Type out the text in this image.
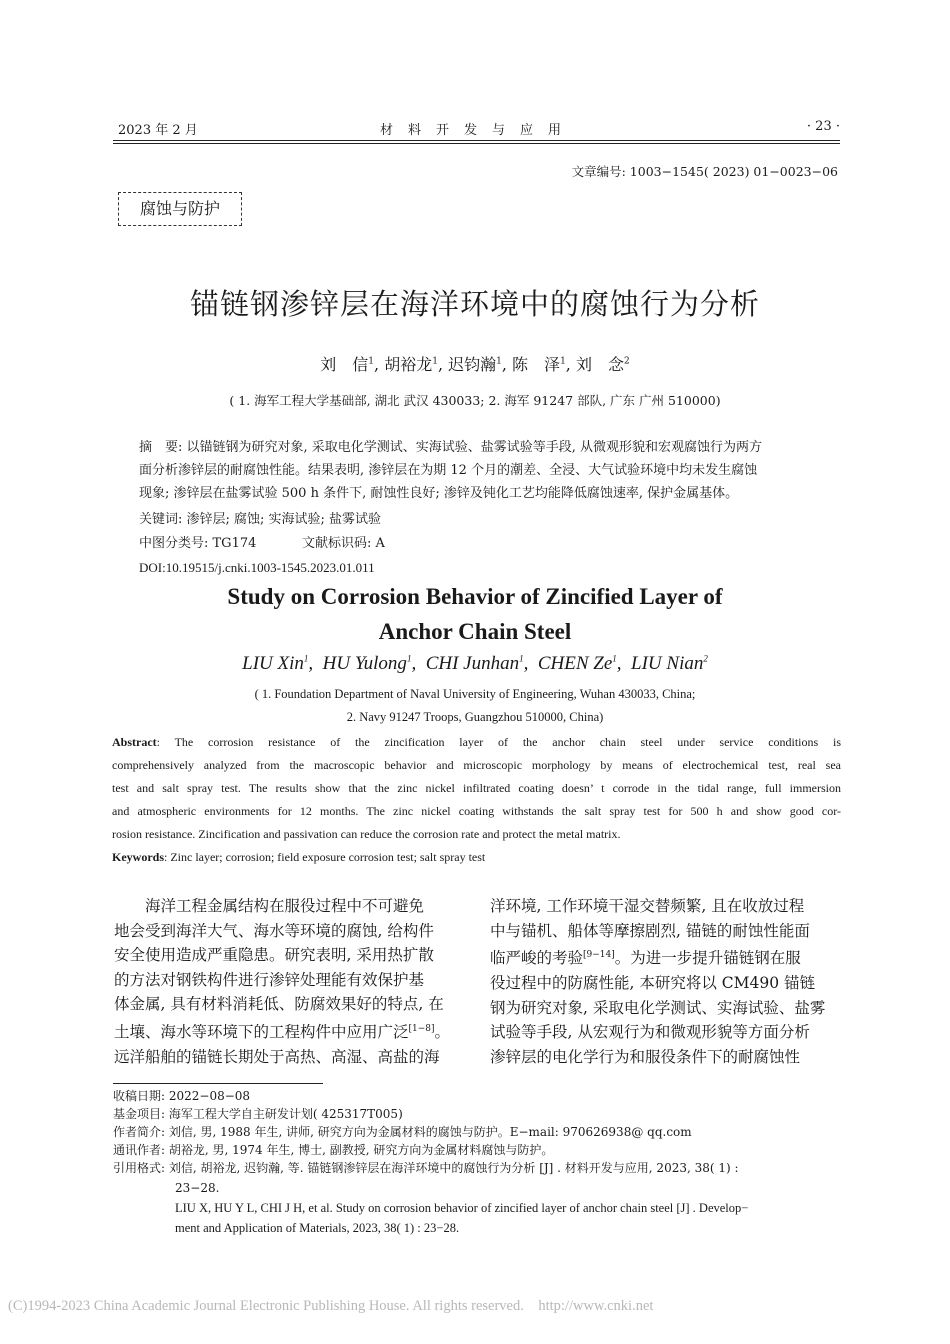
2023 年 2 月	材　料　开　发　与　应　用	· 23 ·
文章编号: 1003−1545( 2023) 01−0023−06
腐蚀与防护
锚链钢渗锌层在海洋环境中的腐蚀行为分析
刘　信$^1$, 胡裕龙$^1$, 迟钧瀚$^1$, 陈　泽$^1$, 刘　念$^2$
( 1. 海军工程大学基础部, 湖北 武汉 430033; 2. 海军 91247 部队, 广东 广州 510000)
摘　要: 以锚链钢为研究对象, 采取电化学测试、实海试验、盐雾试验等手段, 从微观形貌和宏观腐蚀行为两方
面分析渗锌层的耐腐蚀性能。结果表明, 渗锌层在为期 12 个月的潮差、全浸、大气试验环境中均未发生腐蚀
现象; 渗锌层在盐雾试验 500 h 条件下, 耐蚀性良好; 渗锌及钝化工艺均能降低腐蚀速率, 保护金属基体。
关键词: 渗锌层; 腐蚀; 实海试验; 盐雾试验
中图分类号: TG174	文献标识码: A
DOI:10.19515/j.cnki.1003-1545.2023.01.011
Study on Corrosion Behavior of Zincified Layer of
Anchor Chain Steel
LIU Xin$^1$,  HU Yulong$^1$,  CHI Junhan$^1$,  CHEN Ze$^1$,  LIU Nian$^2$
( 1. Foundation Department of Naval University of Engineering, Wuhan 430033, China;
2. Navy 91247 Troops, Guangzhou 510000, China)
Abstract: The corrosion resistance of the zincification layer of the anchor chain steel under service conditions is
comprehensively analyzed from the macroscopic behavior and microscopic morphology by means of electrochemical test, real sea
test and salt spray test. The results show that the zinc nickel infiltrated coating doesn’ t corrode in the tidal range, full immersion
and atmospheric environments for 12 months. The zinc nickel coating withstands the salt spray test for 500 h and show good cor-
rosion resistance. Zincification and passivation can reduce the corrosion rate and protect the metal matrix.
Keywords: Zinc layer; corrosion; field exposure corrosion test; salt spray test
　　海洋工程金属结构在服役过程中不可避免
地会受到海洋大气、海水等环境的腐蚀, 给构件
安全使用造成严重隐患。研究表明, 采用热扩散
的方法对钢铁构件进行渗锌处理能有效保护基
体金属, 具有材料消耗低、防腐效果好的特点, 在
土壤、海水等环境下的工程构件中应用广泛[1−8]。
远洋船舶的锚链长期处于高热、高湿、高盐的海
洋环境, 工作环境干湿交替频繁, 且在收放过程
中与锚机、船体等摩擦剧烈, 锚链的耐蚀性能面
临严峻的考验[9−14]。为进一步提升锚链钢在服
役过程中的防腐性能, 本研究将以 CM490 锚链
钢为研究对象, 采取电化学测试、实海试验、盐雾
试验等手段, 从宏观行为和微观形貌等方面分析
渗锌层的电化学行为和服役条件下的耐腐蚀性
收稿日期: 2022−08−08
基金项目: 海军工程大学自主研发计划( 425317T005)
作者简介: 刘信, 男, 1988 年生, 讲师, 研究方向为金属材料的腐蚀与防护。E−mail: 970626938@ qq.com
通讯作者: 胡裕龙, 男, 1974 年生, 博士, 副教授, 研究方向为金属材料腐蚀与防护。
引用格式: 刘信, 胡裕龙, 迟钧瀚, 等. 锚链钢渗锌层在海洋环境中的腐蚀行为分析 [J] . 材料开发与应用, 2023, 38( 1) :
23−28.
LIU X, HU Y L, CHI J H, et al. Study on corrosion behavior of zincified layer of anchor chain steel [J] . Develop−
ment and Application of Materials, 2023, 38( 1) : 23−28.
(C)1994-2023 China Academic Journal Electronic Publishing House. All rights reserved.    http://www.cnki.net
